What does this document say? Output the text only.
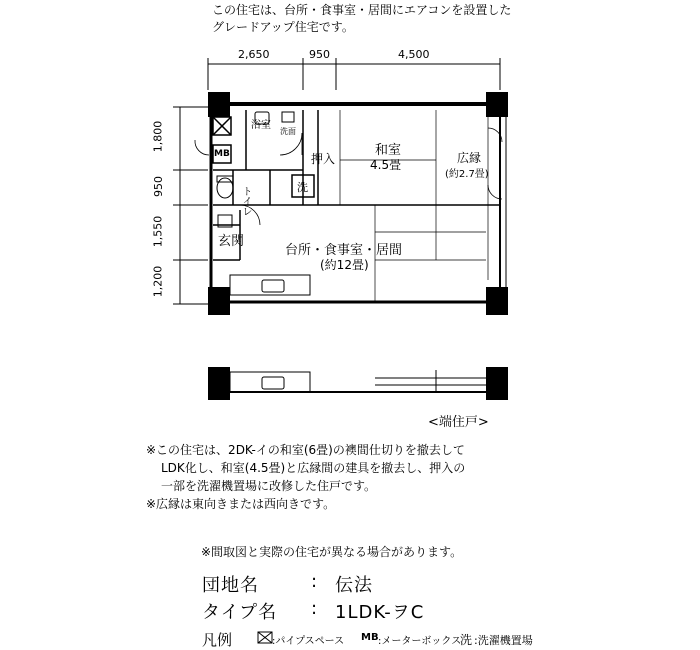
この住宅は、台所・食事室・居間にエアコンを設置した
グレードアップ住宅です。
2,650	950	4,500
1,800
950
1,550
1,200
浴室
洗面
MB
トイレ	洗
押入
和室
4.5畳	広縁
(約2.7畳)
玄関
台所・食事室・居間
(約12畳)
<端住戸>
※この住宅は、2DK-イの和室(6畳)の襖間仕切りを撤去して
LDK化し、和室(4.5畳)と広縁間の建具を撤去し、押入の
一部を洗濯機置場に改修した住戸です。
※広縁は東向きまたは西向きです。
※間取図と実際の住宅が異なる場合があります。
団地名	: 伝法
タイプ名 : 1LDK-ヲC
凡例	:パイプスペース MB :メーターボックス
洗 :洗濯機置場
